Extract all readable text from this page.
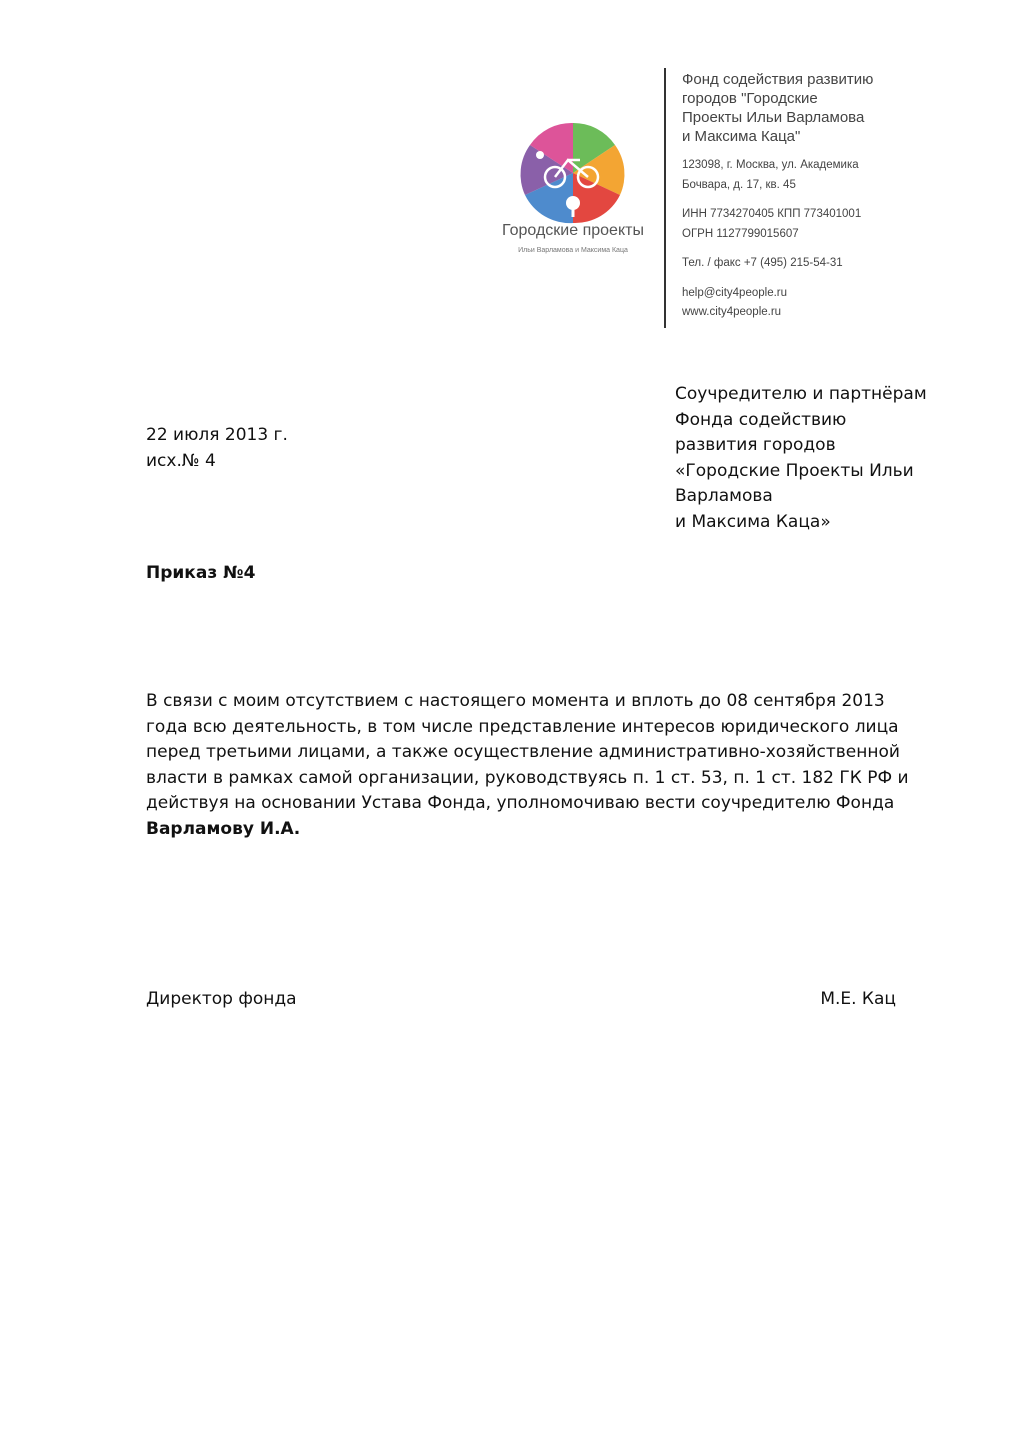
Городские проекты
Ильи Варламова и Максима Каца
Фонд содействия развитию
городов "Городские
Проекты Ильи Варламова
и Максима Каца"
123098, г. Москва, ул. Академика
Бочвара, д. 17, кв. 45
ИНН 7734270405 КПП 773401001
ОГРН 1127799015607
Тел. / факс +7 (495) 215-54-31
help@city4people.ru
www.city4people.ru
Соучредителю и партнёрам
Фонда содействию
развития городов
«Городские Проекты Ильи
Варламова
и Максима Каца»
22 июля 2013 г.
исх.№ 4
Приказ №4
В связи с моим отсутствием с настоящего момента и вплоть до 08 сентября 2013
года всю деятельность, в том числе представление интересов юридического лица
перед третьими лицами, а также осуществление административно-хозяйственной
власти в рамках самой организации, руководствуясь п. 1 ст. 53, п. 1 ст. 182 ГК РФ и
действуя на основании Устава Фонда, уполномочиваю вести соучредителю Фонда
Варламову И.А.
Директор фонда	М.Е. Кац
